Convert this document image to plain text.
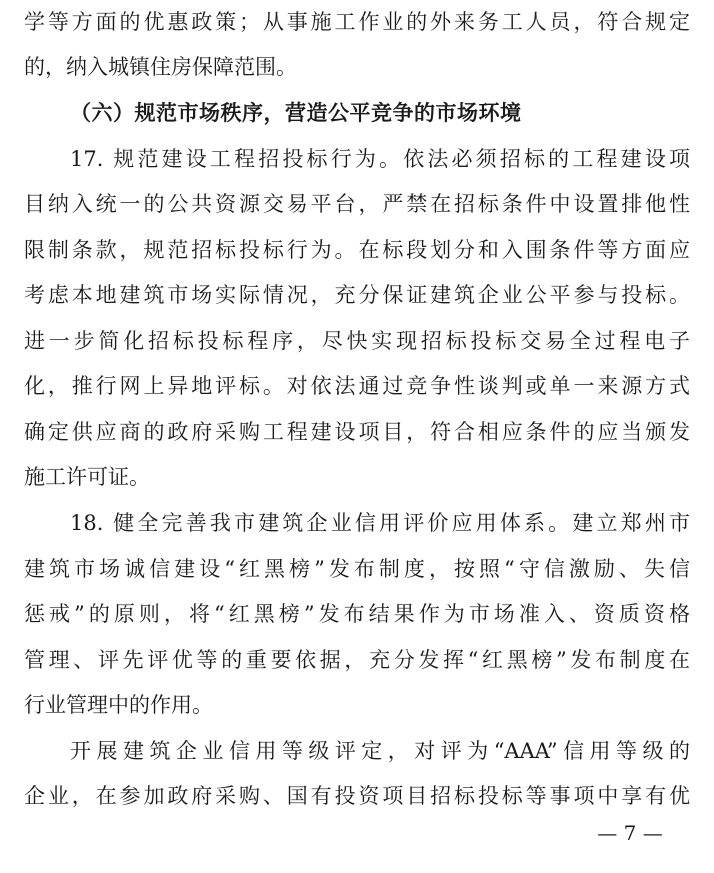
学等方面的优惠政策；从事施工作业的外来务工人员，符合规定
的，纳入城镇住房保障范围。
（六）规范市场秩序，营造公平竞争的市场环境
17. 规范建设工程招投标行为。依法必须招标的工程建设项
目纳入统一的公共资源交易平台，严禁在招标条件中设置排他性
限制条款，规范招标投标行为。在标段划分和入围条件等方面应
考虑本地建筑市场实际情况，充分保证建筑企业公平参与投标。
进一步简化招标投标程序，尽快实现招标投标交易全过程电子
化，推行网上异地评标。对依法通过竞争性谈判或单一来源方式
确定供应商的政府采购工程建设项目，符合相应条件的应当颁发
施工许可证。
18. 健全完善我市建筑企业信用评价应用体系。建立郑州市
建筑市场诚信建设“红黑榜”发布制度，按照“守信激励、失信
惩戒”的原则，将“红黑榜”发布结果作为市场准入、资质资格
管理、评先评优等的重要依据，充分发挥“红黑榜”发布制度在
行业管理中的作用。
开展建筑企业信用等级评定，对评为“AAA”信用等级的
企业，在参加政府采购、国有投资项目招标投标等事项中享有优
— 7 —
